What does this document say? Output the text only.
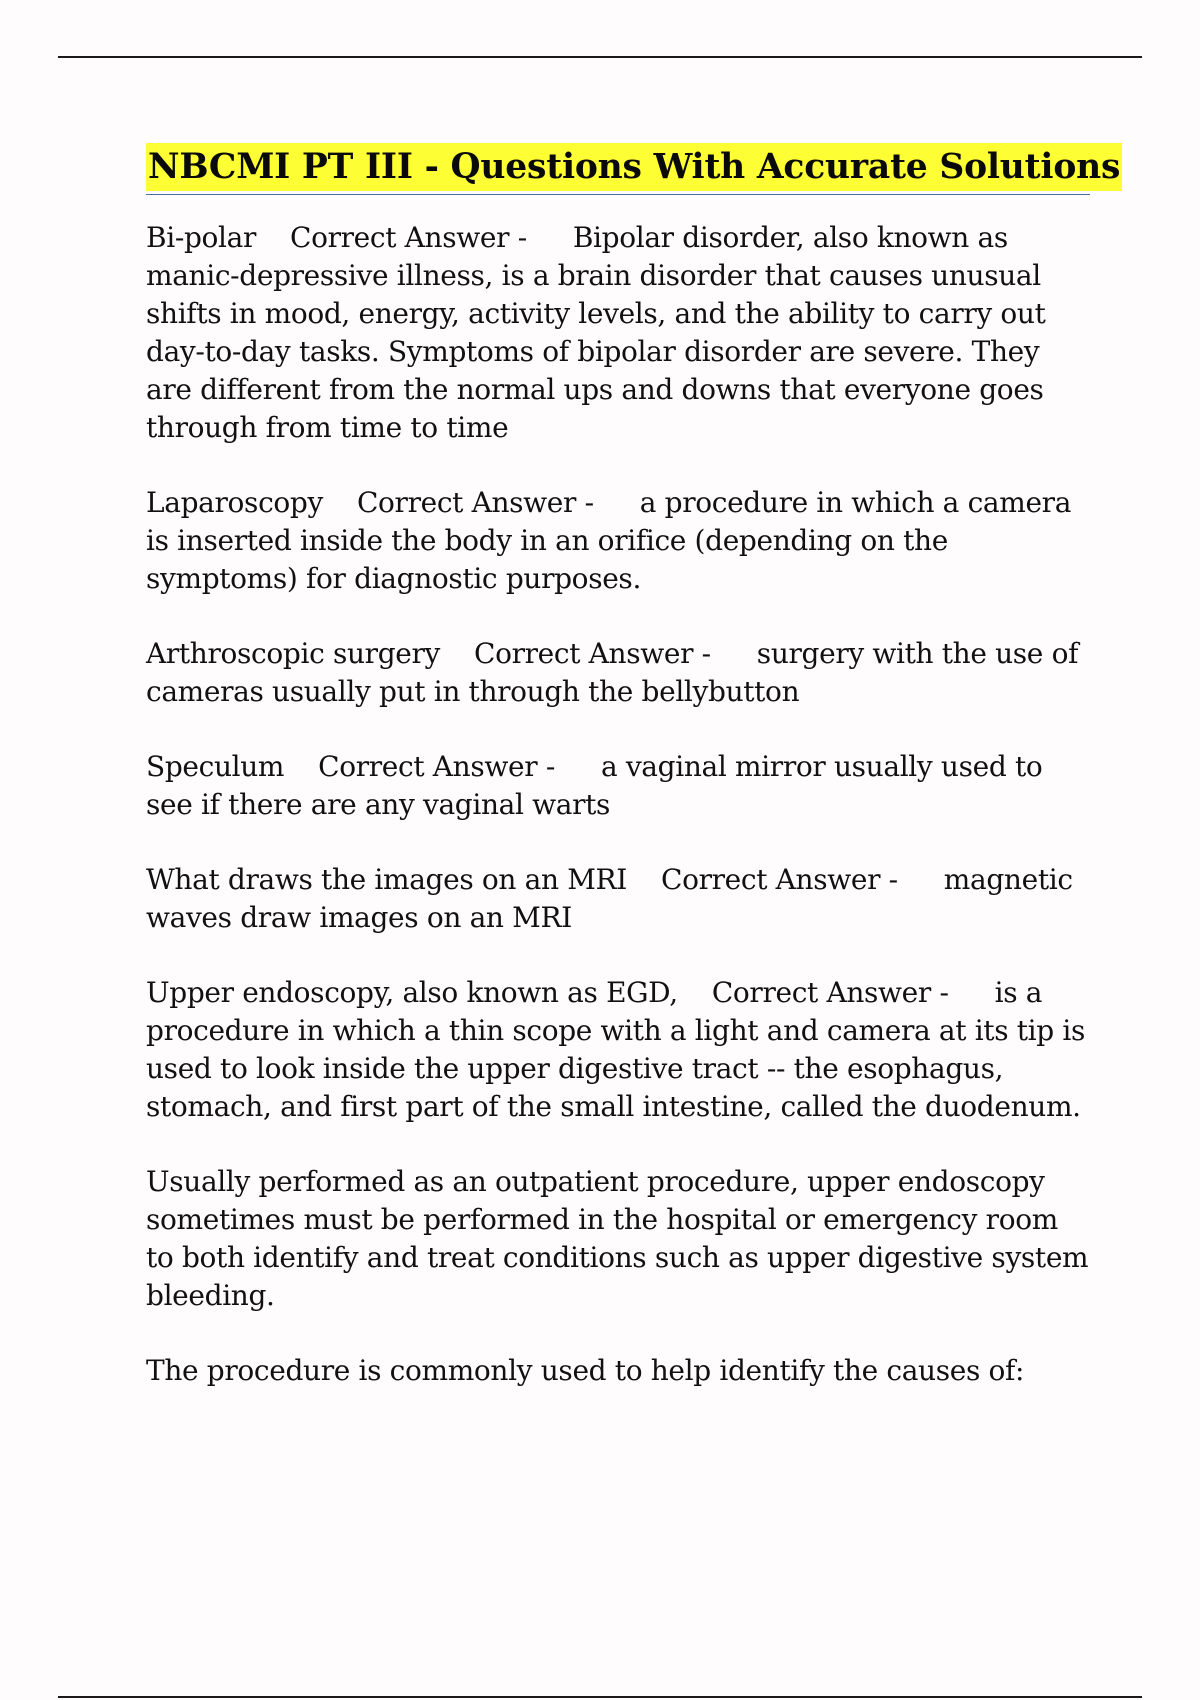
NBCMI PT III - Questions With Accurate Solutions

Bi-polar Correct Answer - Bipolar disorder, also known as manic-depressive illness, is a brain disorder that causes unusual shifts in mood, energy, activity levels, and the ability to carry out day-to-day tasks. Symptoms of bipolar disorder are severe. They are different from the normal ups and downs that everyone goes through from time to time

Laparoscopy Correct Answer - a procedure in which a camera is inserted inside the body in an orifice (depending on the symptoms) for diagnostic purposes.

Arthroscopic surgery Correct Answer - surgery with the use of cameras usually put in through the bellybutton

Speculum Correct Answer - a vaginal mirror usually used to see if there are any vaginal warts

What draws the images on an MRI Correct Answer - magnetic waves draw images on an MRI

Upper endoscopy, also known as EGD, Correct Answer - is a procedure in which a thin scope with a light and camera at its tip is used to look inside the upper digestive tract -- the esophagus, stomach, and first part of the small intestine, called the duodenum.

Usually performed as an outpatient procedure, upper endoscopy sometimes must be performed in the hospital or emergency room to both identify and treat conditions such as upper digestive system bleeding.

The procedure is commonly used to help identify the causes of:
